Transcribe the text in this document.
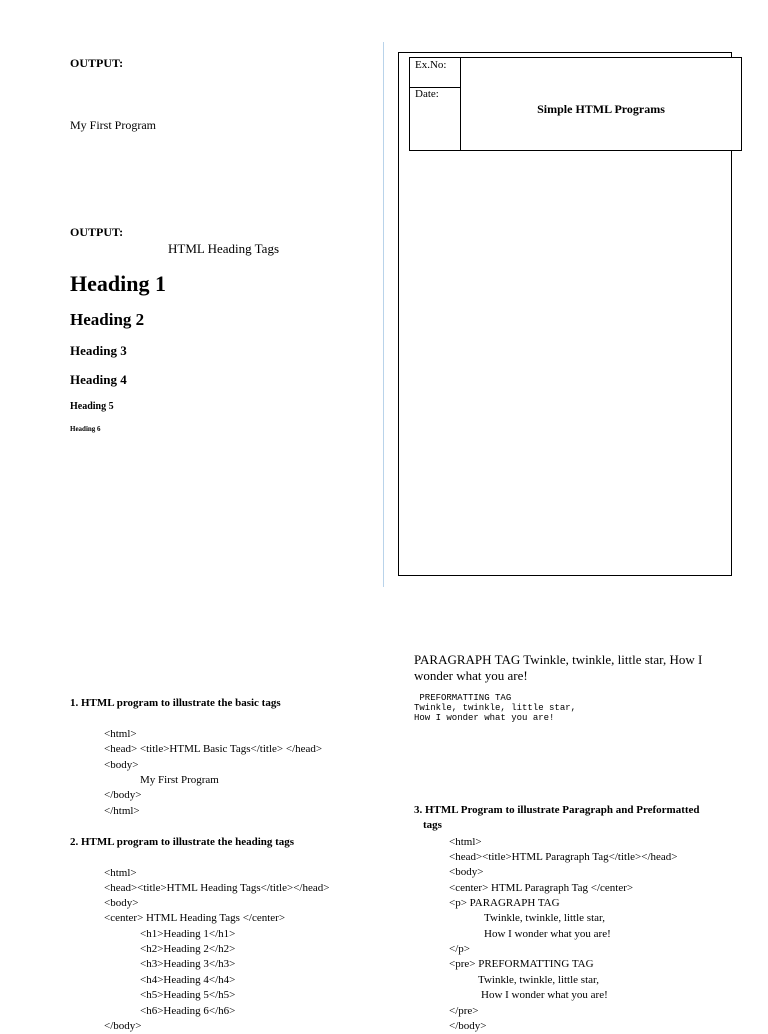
OUTPUT:
My First Program
OUTPUT:
HTML Heading Tags
Heading 1
Heading 2
Heading 3
Heading 4
Heading 5
Heading 6
Ex.No:
Date:
Simple HTML Programs
PARAGRAPH TAG Twinkle, twinkle, little star, How I wonder what you are!
PREFORMATTING TAG
Twinkle, twinkle, little star,
How I wonder what you are!
1. HTML program to illustrate the basic tags
<html>
<head> <title>HTML Basic Tags</title> </head>
<body>
My First Program
</body>
</html>
2. HTML program to illustrate the heading tags
<html>
<head><title>HTML Heading Tags</title></head>
<body>
<center> HTML Heading Tags </center>
<h1>Heading 1</h1>
<h2>Heading 2</h2>
<h3>Heading 3</h3>
<h4>Heading 4</h4>
<h5>Heading 5</h5>
<h6>Heading 6</h6>
</body>
3. HTML Program to illustrate Paragraph and Preformatted
tags
<html>
<head><title>HTML Paragraph Tag</title></head>
<body>
<center> HTML Paragraph Tag </center>
<p> PARAGRAPH TAG
Twinkle, twinkle, little star,
How I wonder what you are!
</p>
<pre> PREFORMATTING TAG
Twinkle, twinkle, little star,
How I wonder what you are!
</pre>
</body>
